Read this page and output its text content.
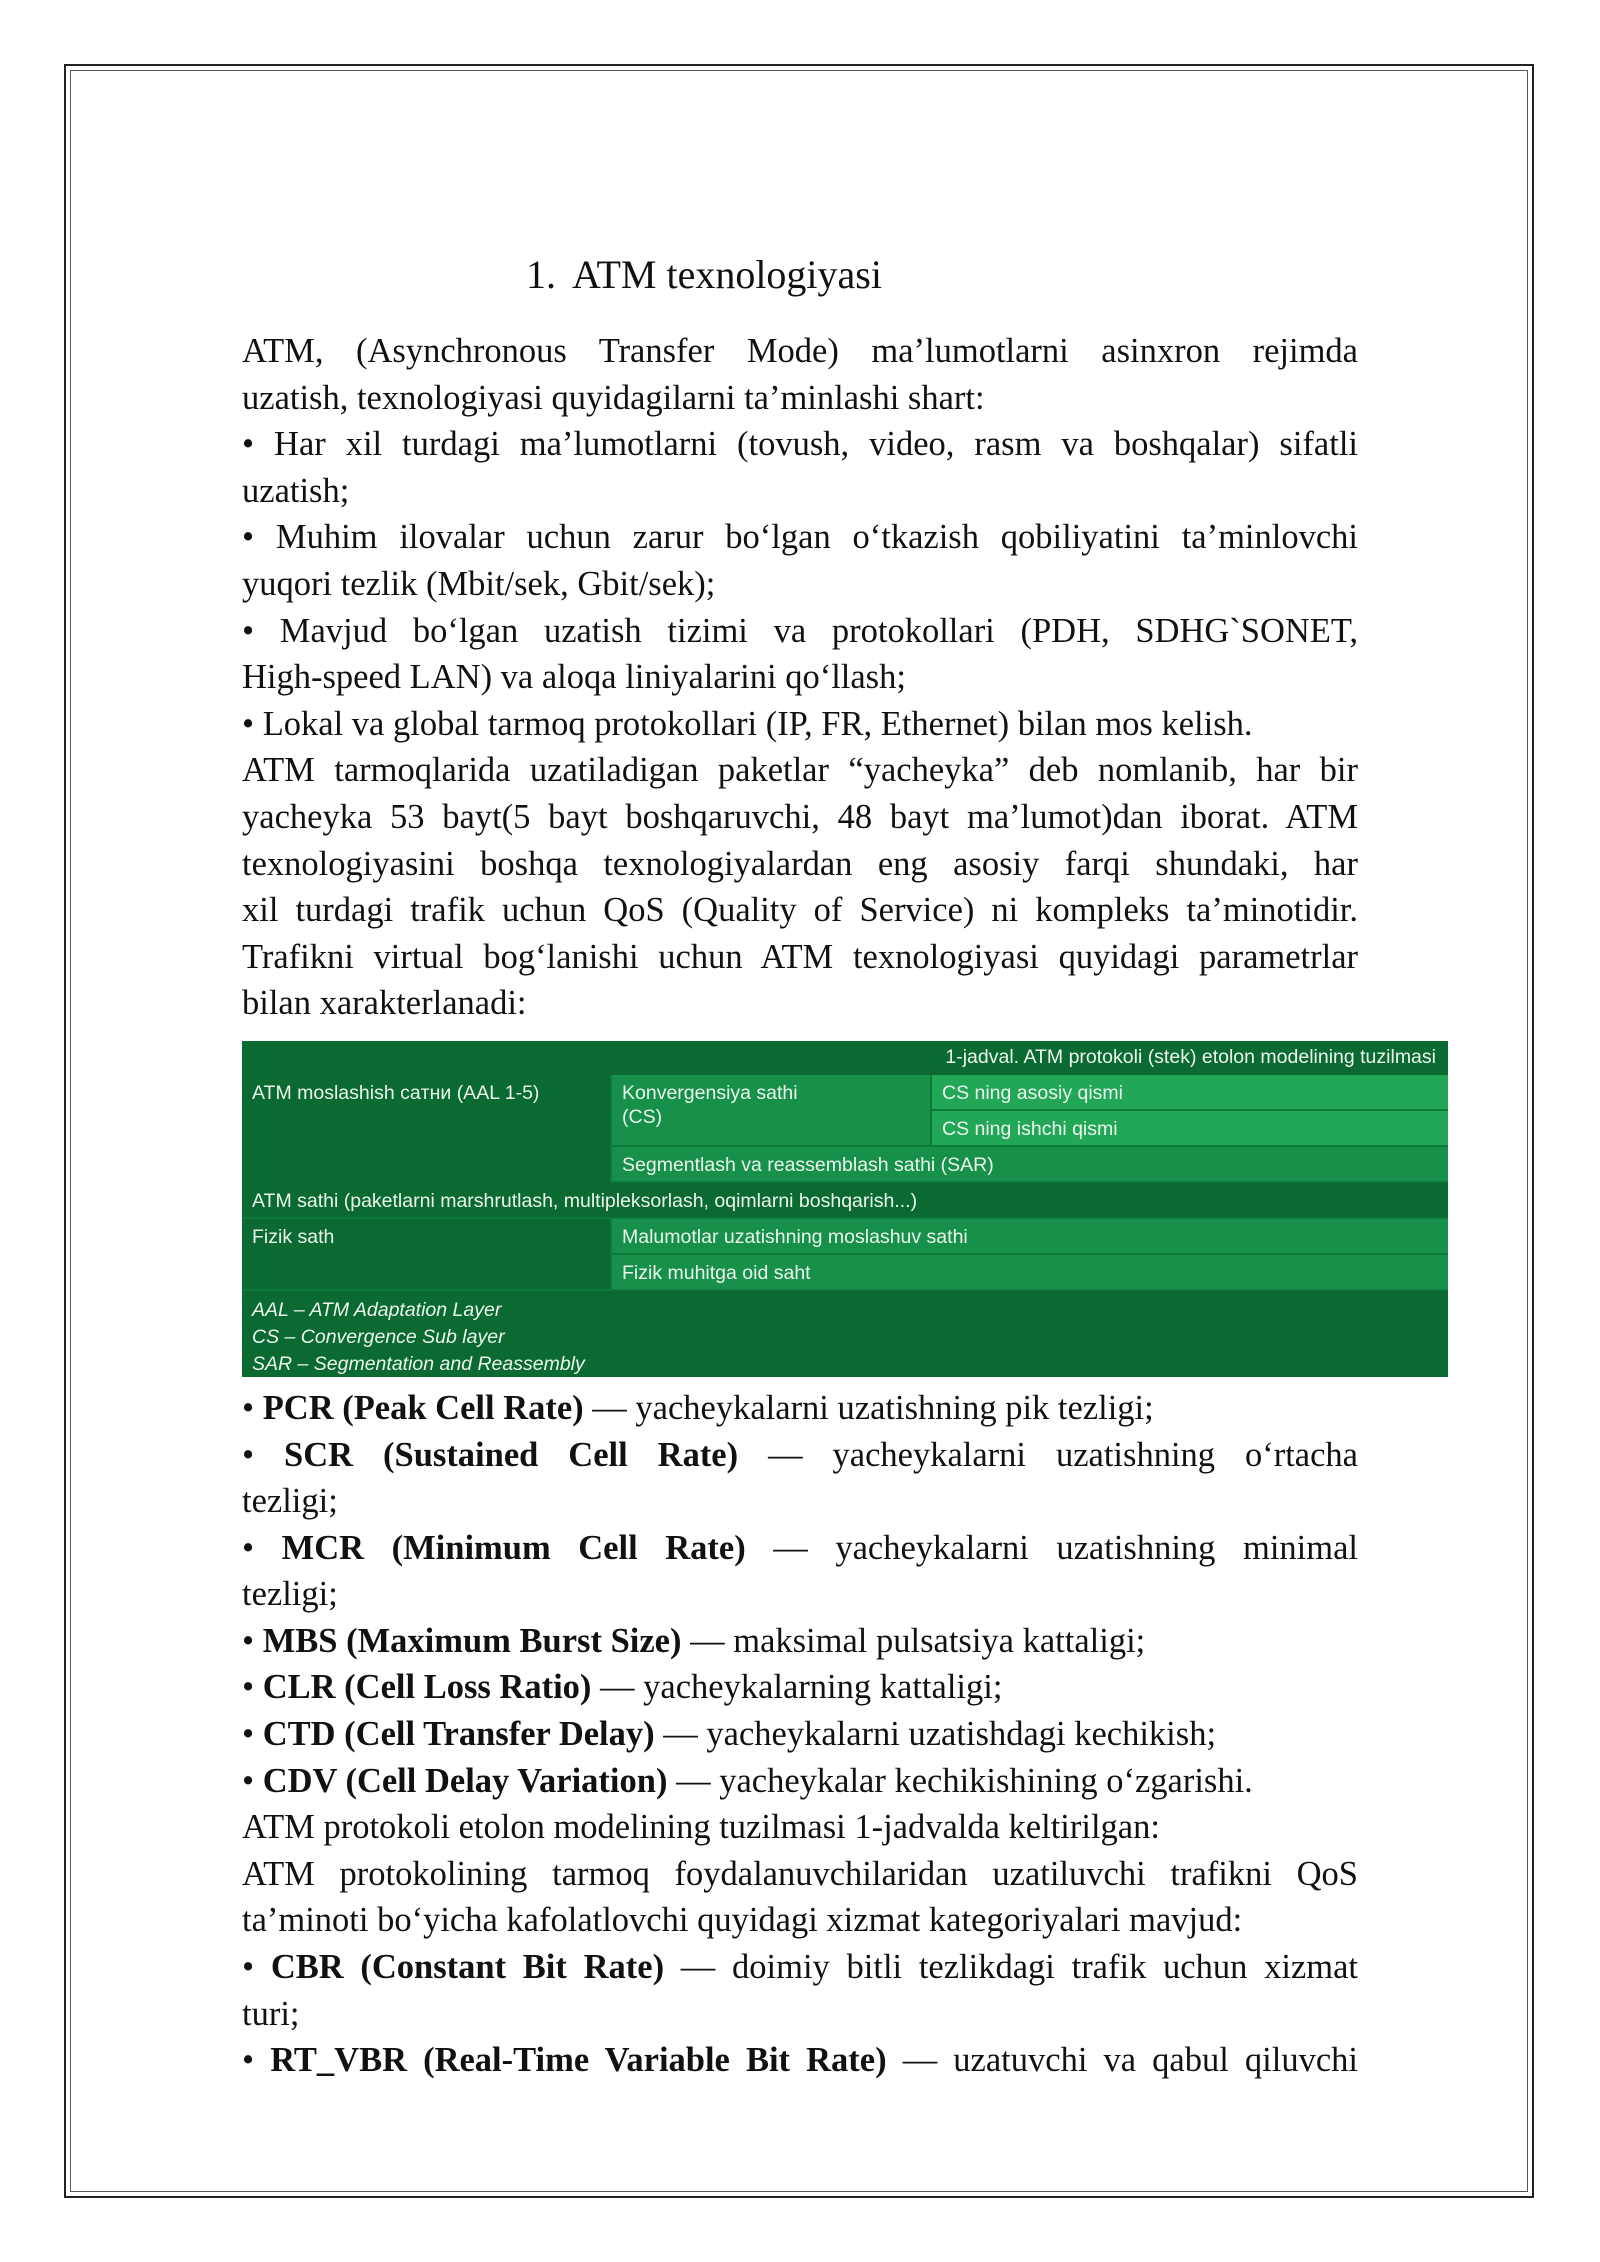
1. ATM texnologiyasi
ATM, (Asynchronous Transfer Mode) ma’lumotlarni asinxron rejimda
uzatish, texnologiyasi quyidagilarni ta’minlashi shart:
• Har xil turdagi ma’lumotlarni (tovush, video, rasm va boshqalar) sifatli
uzatish;
• Muhim ilovalar uchun zarur bo‘lgan o‘tkazish qobiliyatini ta’minlovchi
yuqori tezlik (Mbit/sek, Gbit/sek);
• Mavjud bo‘lgan uzatish tizimi va protokollari (PDH, SDHG`SONET,
High-speed LAN) va aloqa liniyalarini qo‘llash;
• Lokal va global tarmoq protokollari (IP, FR, Ethernet) bilan mos kelish.
ATM tarmoqlarida uzatiladigan paketlar “yacheyka” deb nomlanib, har bir
yacheyka 53 bayt(5 bayt boshqaruvchi, 48 bayt ma’lumot)dan iborat. ATM
texnologiyasini boshqa texnologiyalardan eng asosiy farqi shundaki, har
xil turdagi trafik uchun QoS (Quality of Service) ni kompleks ta’minotidir.
Trafikni virtual bog‘lanishi uchun ATM texnologiyasi quyidagi parametrlar
bilan xarakterlanadi:
1-jadval. ATM protokoli (stek) etolon modelining tuzilmasi
ATM moslashish caтни (AAL 1-5)	Konvergensiya sathi
(CS)
CS ning asosiy qismi
CS ning ishchi qismi
Segmentlash va reassemblash sathi (SAR)
ATM sathi (paketlarni marshrutlash, multipleksorlash, oqimlarni boshqarish...)
Fizik sath	Malumotlar uzatishning moslashuv sathi
Fizik muhitga oid saht
AAL – ATM Adaptation Layer
CS – Convergence Sub layer
SAR – Segmentation and Reassembly
• PCR (Peak Cell Rate) — yacheykalarni uzatishning pik tezligi;
• SCR (Sustained Cell Rate) — yacheykalarni uzatishning o‘rtacha
tezligi;
• MCR (Minimum Cell Rate) — yacheykalarni uzatishning minimal
tezligi;
• MBS (Maximum Burst Size) — maksimal pulsatsiya kattaligi;
• CLR (Cell Loss Ratio) — yacheykalarning kattaligi;
• CTD (Cell Transfer Delay) — yacheykalarni uzatishdagi kechikish;
• CDV (Cell Delay Variation) — yacheykalar kechikishining o‘zgarishi.
ATM protokoli etolon modelining tuzilmasi 1-jadvalda keltirilgan:
ATM protokolining tarmoq foydalanuvchilaridan uzatiluvchi trafikni QoS
ta’minoti bo‘yicha kafolatlovchi quyidagi xizmat kategoriyalari mavjud:
• CBR (Constant Bit Rate) — doimiy bitli tezlikdagi trafik uchun xizmat
turi;
• RT_VBR (Real-Time Variable Bit Rate) — uzatuvchi va qabul qiluvchi
